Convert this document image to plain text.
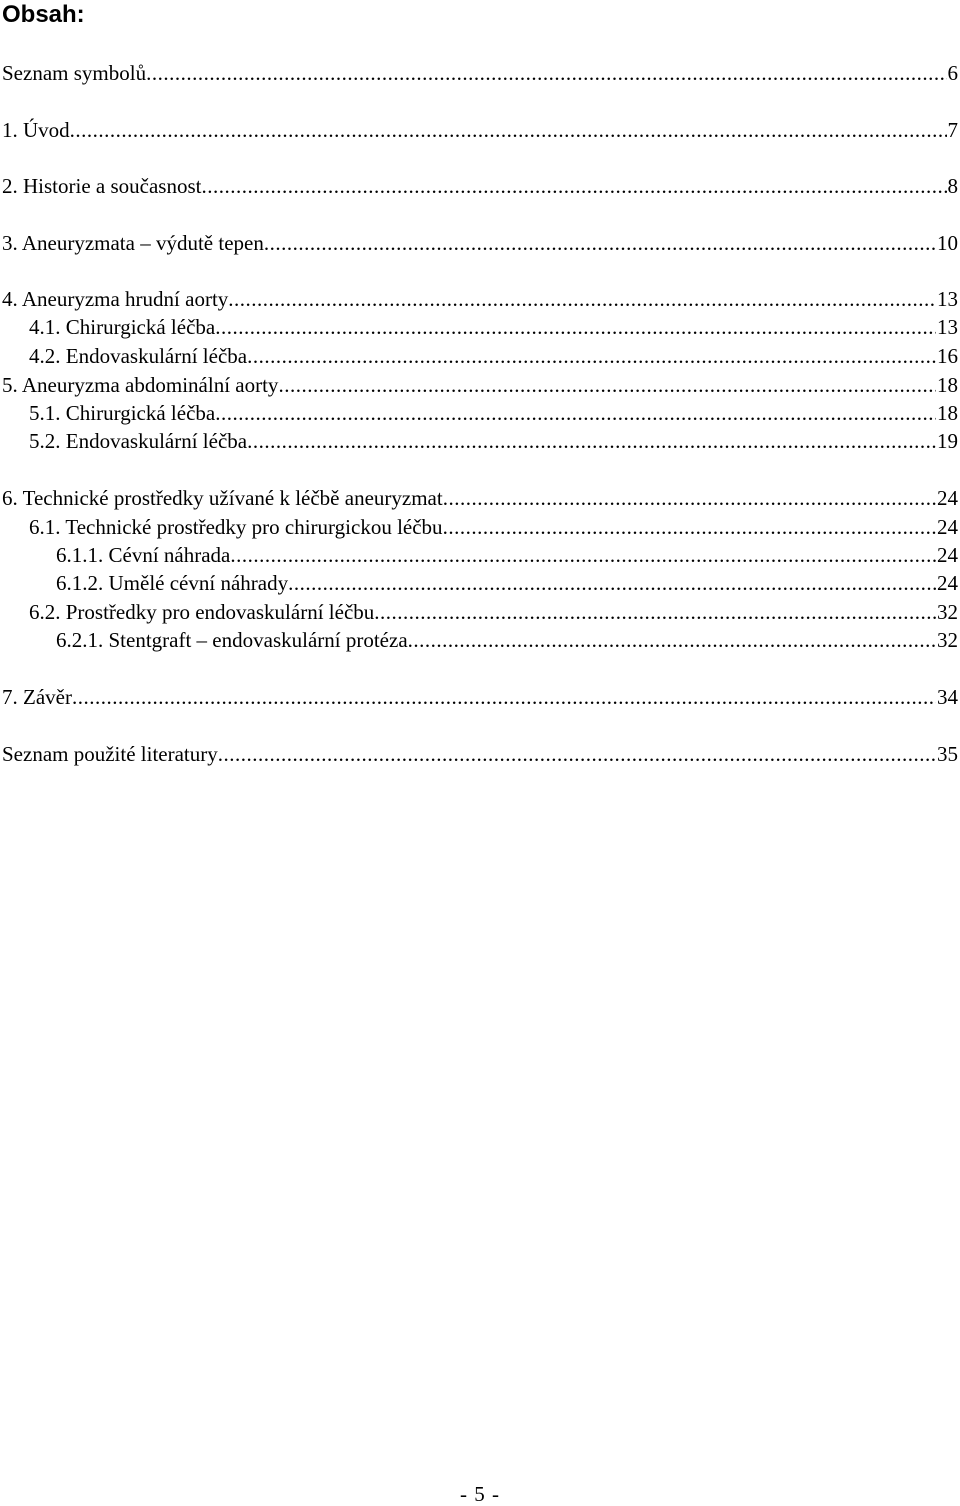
Obsah:
Seznam symbolů .....	6
1. Úvod .....	7
2. Historie a současnost .....	8
3. Aneuryzmata – výdutě tepen .....	10
4. Aneuryzma hrudní aorty .....	13
4.1. Chirurgická léčba .....	13
4.2. Endovaskulární léčba .....	16
5. Aneuryzma abdominální aorty .....	18
5.1. Chirurgická léčba .....	18
5.2. Endovaskulární léčba .....	19
6. Technické prostředky užívané k léčbě aneuryzmat .....	24
6.1. Technické prostředky pro chirurgickou léčbu .....	24
6.1.1. Cévní náhrada .....	24
6.1.2. Umělé cévní náhrady .....	24
6.2. Prostředky pro endovaskulární léčbu .....	32
6.2.1. Stentgraft – endovaskulární protéza .....	32
7. Závěr .....	34
Seznam použité literatury .....	35
- 5 -
